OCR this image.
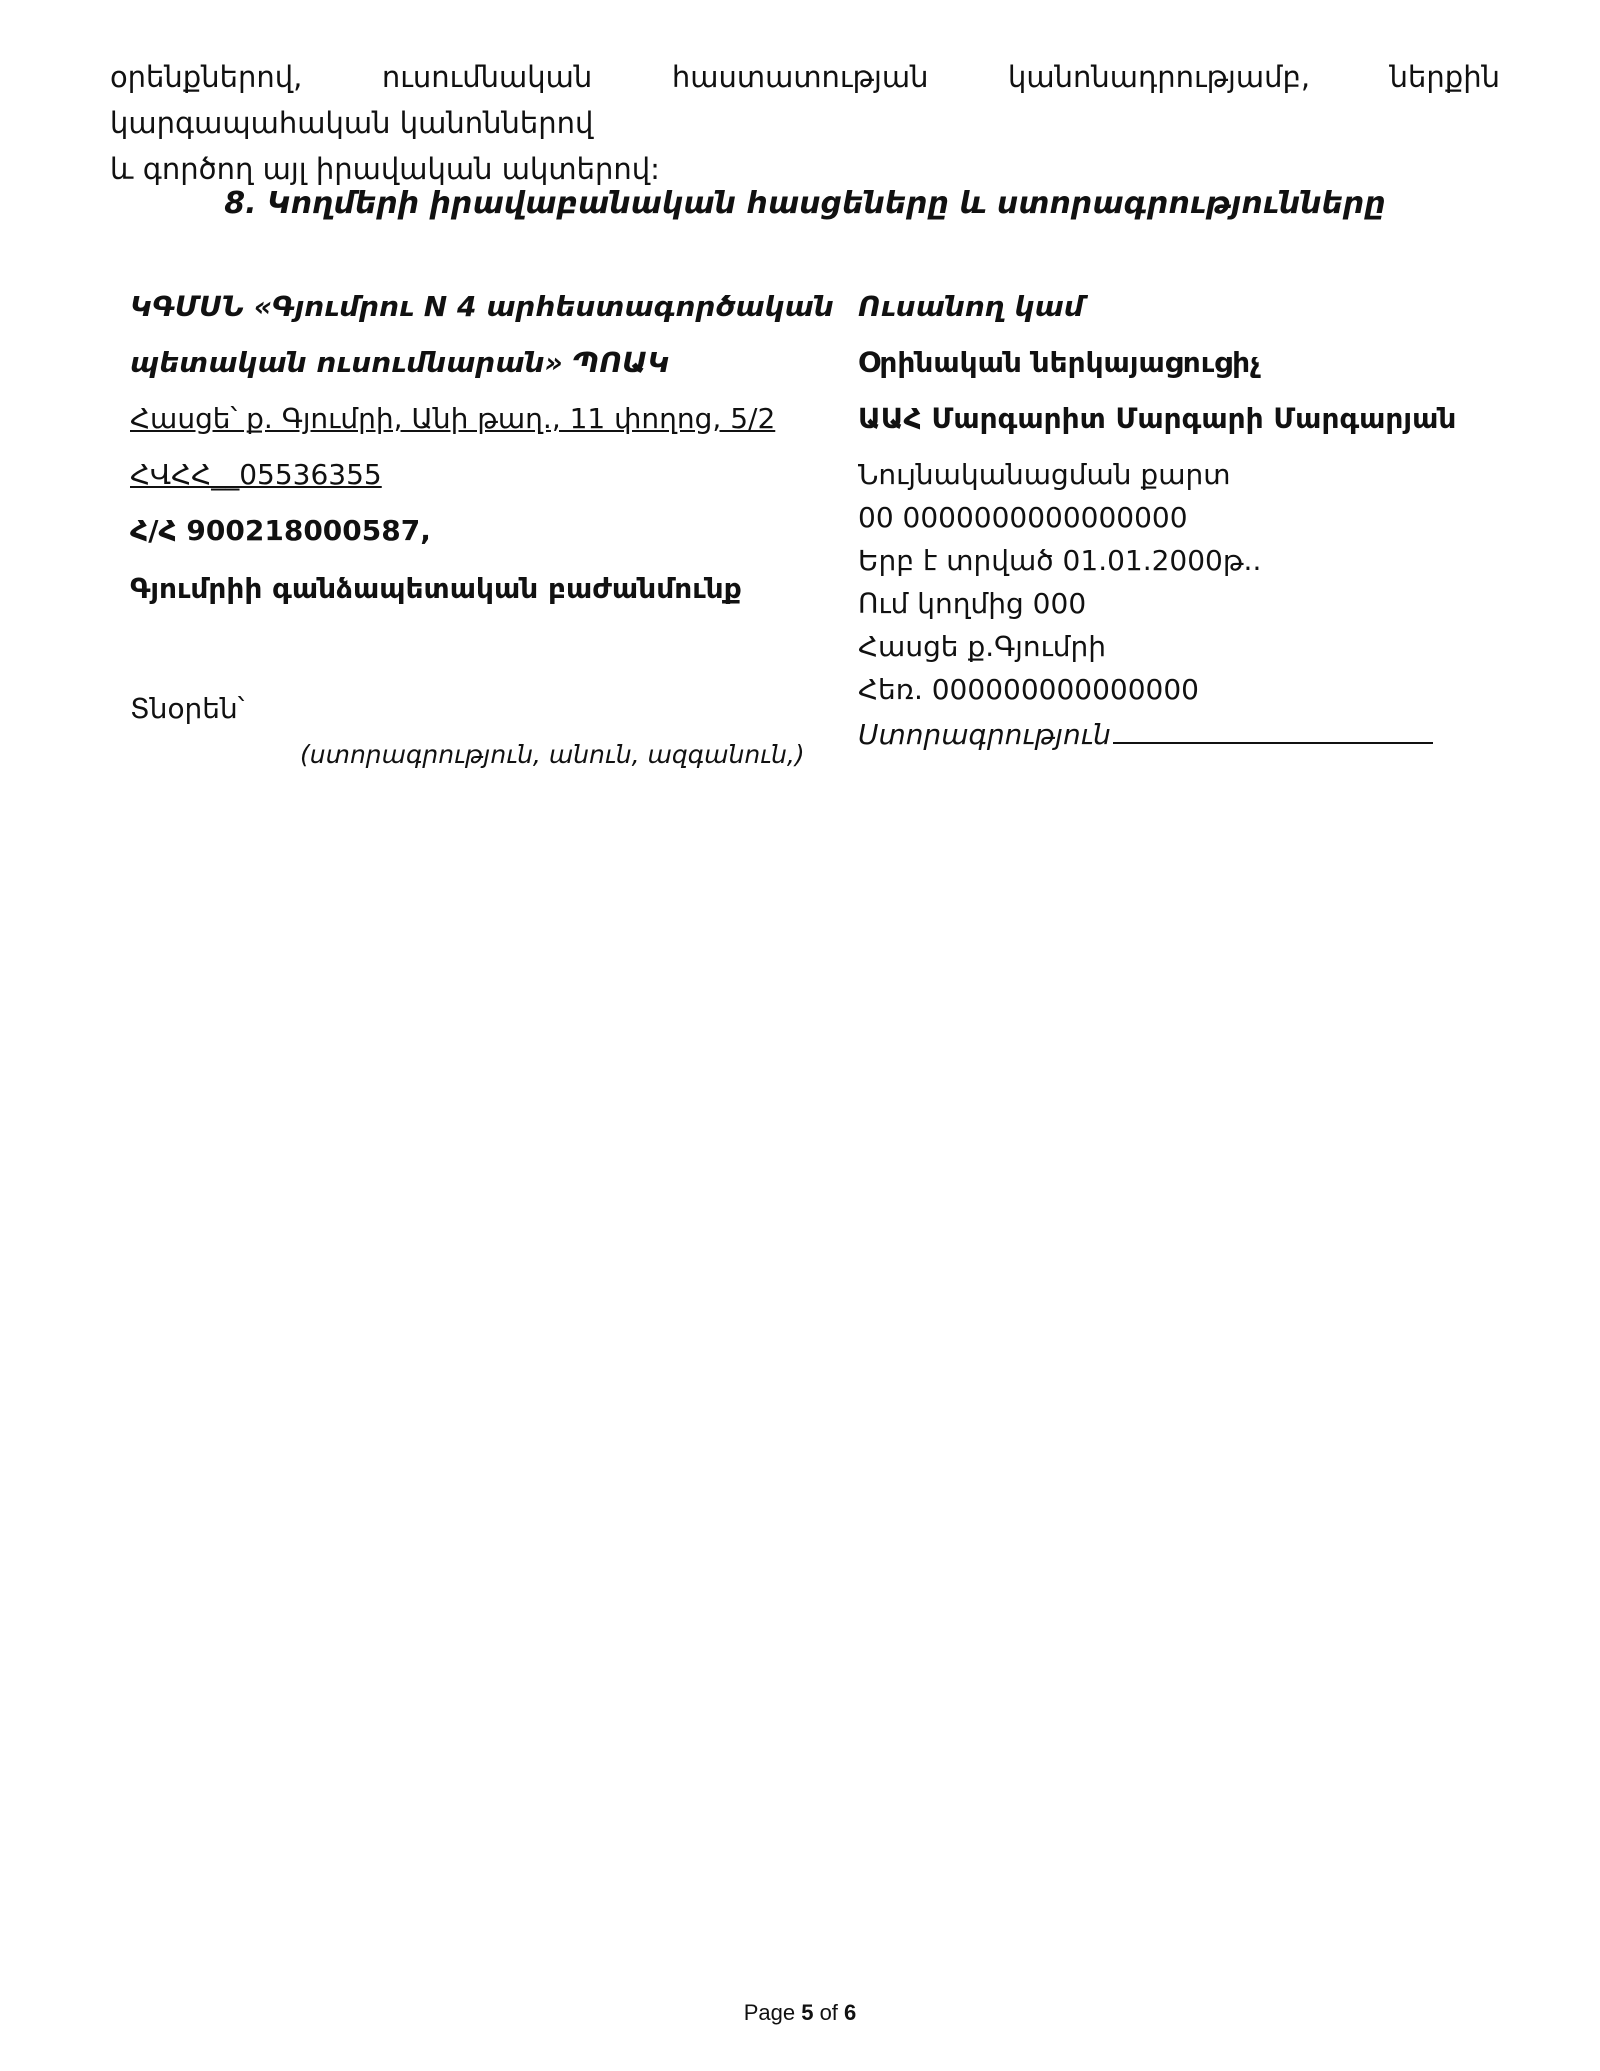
օրենքներով, ուսումնական հաստատության կանոնադրությամբ, ներքին կարգապահական կանոններով
և գործող այլ իրավական ակտերով:
8. Կողմերի իրավաբանական հասցեները և ստորագրությունները
ԿԳՄՍՆ «Գյումրու N 4 արհեստագործական
պետական ուսումնարան» ՊՈԱԿ
Հասցե՝ ք. Գյումրի, Անի թաղ., 11 փողոց, 5/2
ՀՎՀՀ__05536355
Հ/Հ 900218000587,
Գյումրիի գանձապետական բաժանմունք
Տնօրեն՝
(ստորագրություն, անուն, ազգանուն,)
Ուսանող կամ
Օրինական ներկայացուցիչ
ԱԱՀ Մարգարիտ Մարգարի Մարգարյան
Նույնականացման քարտ
00 0000000000000000
Երբ է տրված 01.01.2000թ..
Ում կողմից 000
Հասցե ք.Գյումրի
Հեռ. 000000000000000
Ստորագրություն
Page 5 of 6
